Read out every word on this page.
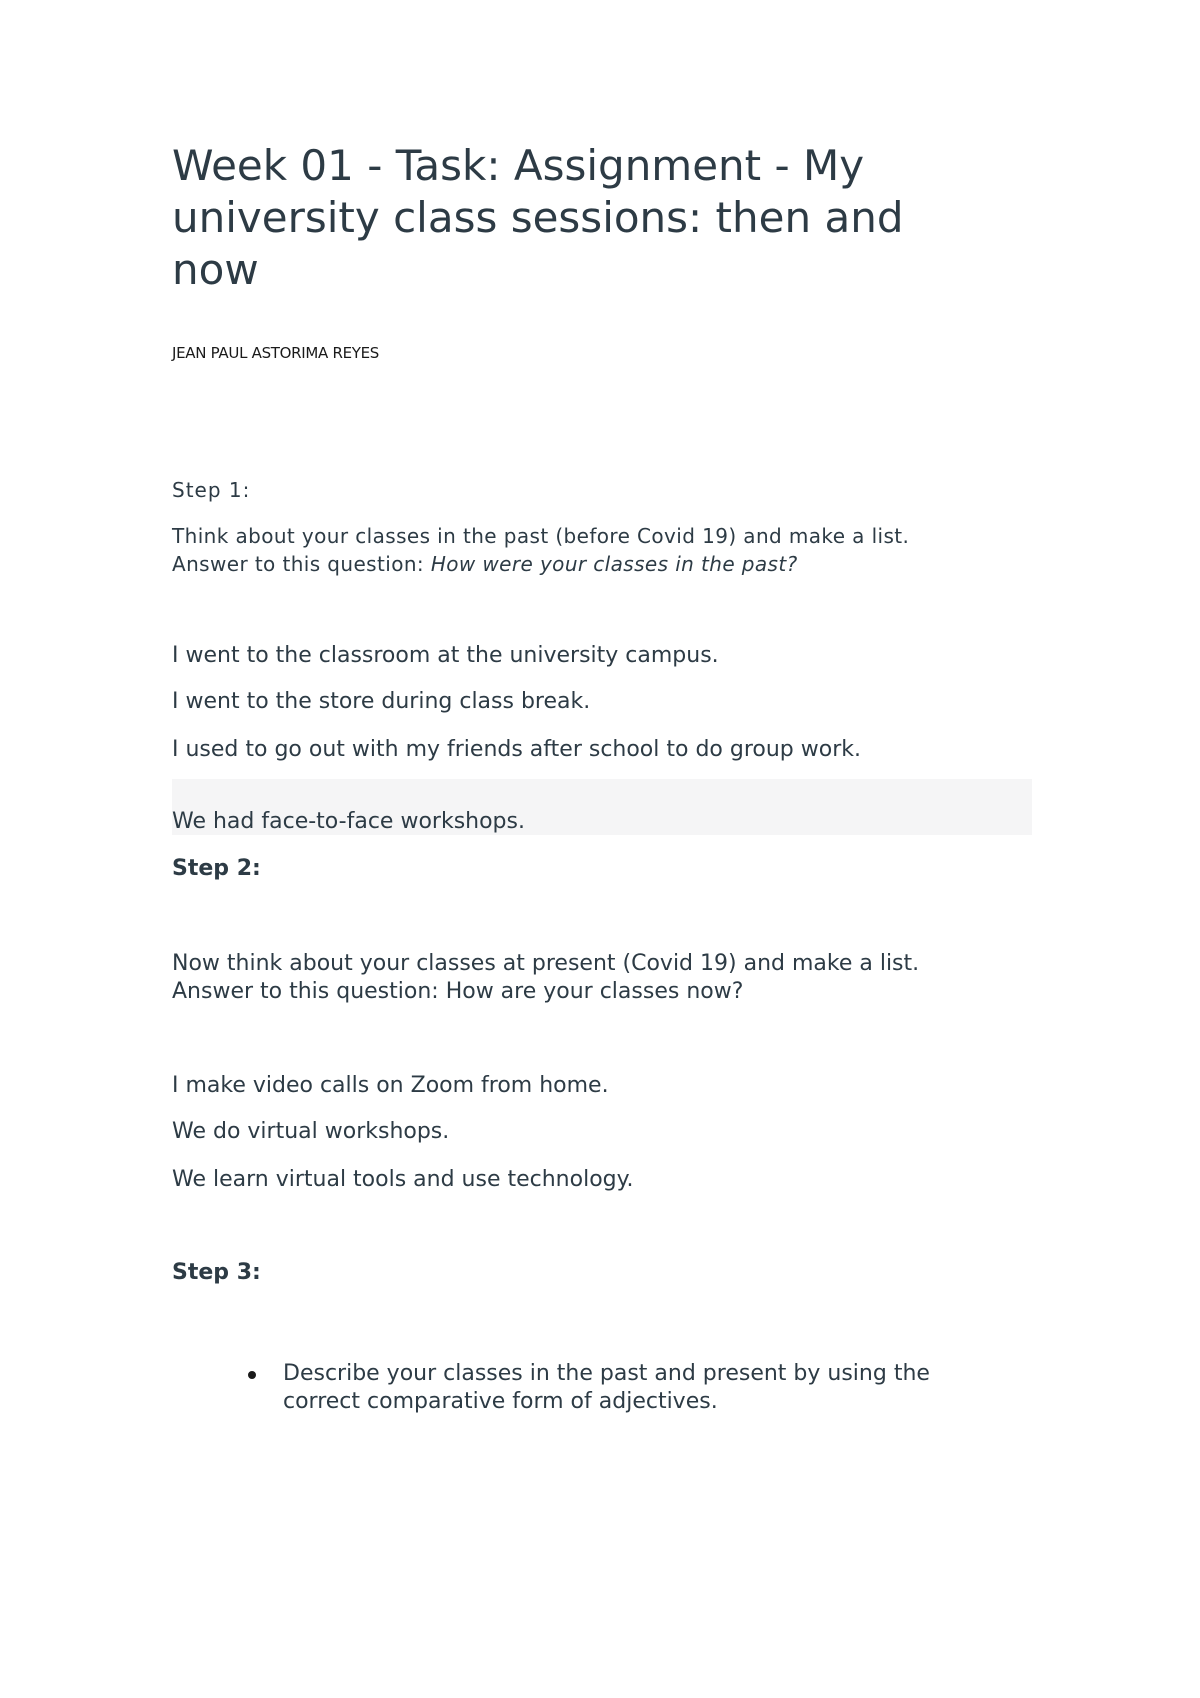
Week 01 - Task: Assignment - My university class sessions: then and now

JEAN PAUL ASTORIMA REYES

Step 1:

Think about your classes in the past (before Covid 19) and make a list.
Answer to this question: How were your classes in the past?

I went to the classroom at the university campus.

I went to the store during class break.

I used to go out with my friends after school to do group work.

We had face-to-face workshops.

Step 2:

Now think about your classes at present (Covid 19) and make a list. Answer to this question: How are your classes now?

I make video calls on Zoom from home.

We do virtual workshops.

We learn virtual tools and use technology.

Step 3:

Describe your classes in the past and present by using the correct comparative form of adjectives.
